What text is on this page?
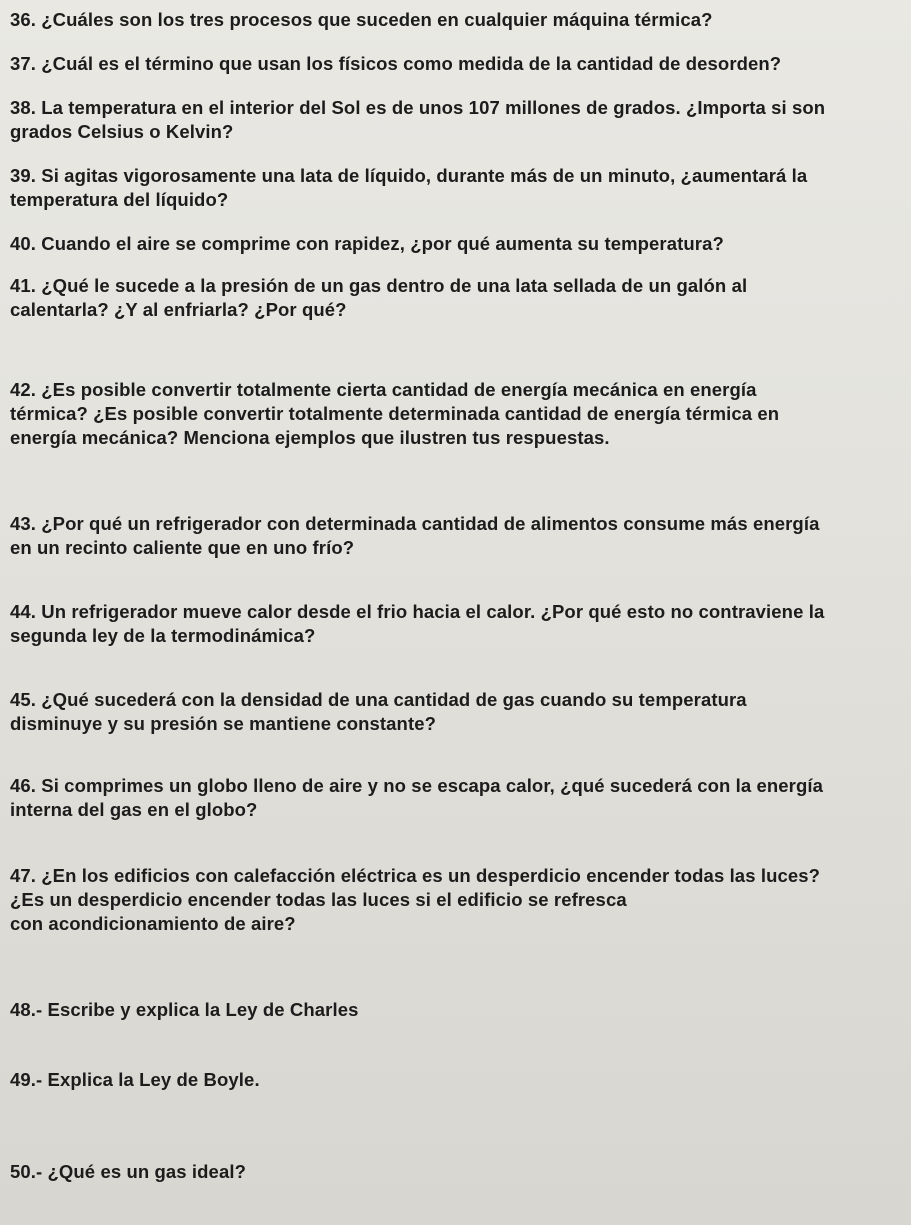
36. ¿Cuáles son los tres procesos que suceden en cualquier máquina térmica?

37. ¿Cuál es el término que usan los físicos como medida de la cantidad de desorden?

38. La temperatura en el interior del Sol es de unos 107 millones de grados. ¿Importa si son
grados Celsius o Kelvin?

39. Si agitas vigorosamente una lata de líquido, durante más de un minuto, ¿aumentará la
temperatura del líquido?

40. Cuando el aire se comprime con rapidez, ¿por qué aumenta su temperatura?

41. ¿Qué le sucede a la presión de un gas dentro de una lata sellada de un galón al
calentarla? ¿Y al enfriarla? ¿Por qué?

42. ¿Es posible convertir totalmente cierta cantidad de energía mecánica en energía
térmica? ¿Es posible convertir totalmente determinada cantidad de energía térmica en
energía mecánica? Menciona ejemplos que ilustren tus respuestas.

43. ¿Por qué un refrigerador con determinada cantidad de alimentos consume más energía
en un recinto caliente que en uno frío?

44. Un refrigerador mueve calor desde el frio hacia el calor. ¿Por qué esto no contraviene la
segunda ley de la termodinámica?

45. ¿Qué sucederá con la densidad de una cantidad de gas cuando su temperatura
disminuye y su presión se mantiene constante?

46. Si comprimes un globo lleno de aire y no se escapa calor, ¿qué sucederá con la energía
interna del gas en el globo?

47. ¿En los edificios con calefacción eléctrica es un desperdicio encender todas las luces?
¿Es un desperdicio encender todas las luces si el edificio se refresca
con acondicionamiento de aire?

48.- Escribe y explica la Ley de Charles

49.- Explica la Ley de Boyle.

50.- ¿Qué es un gas ideal?
